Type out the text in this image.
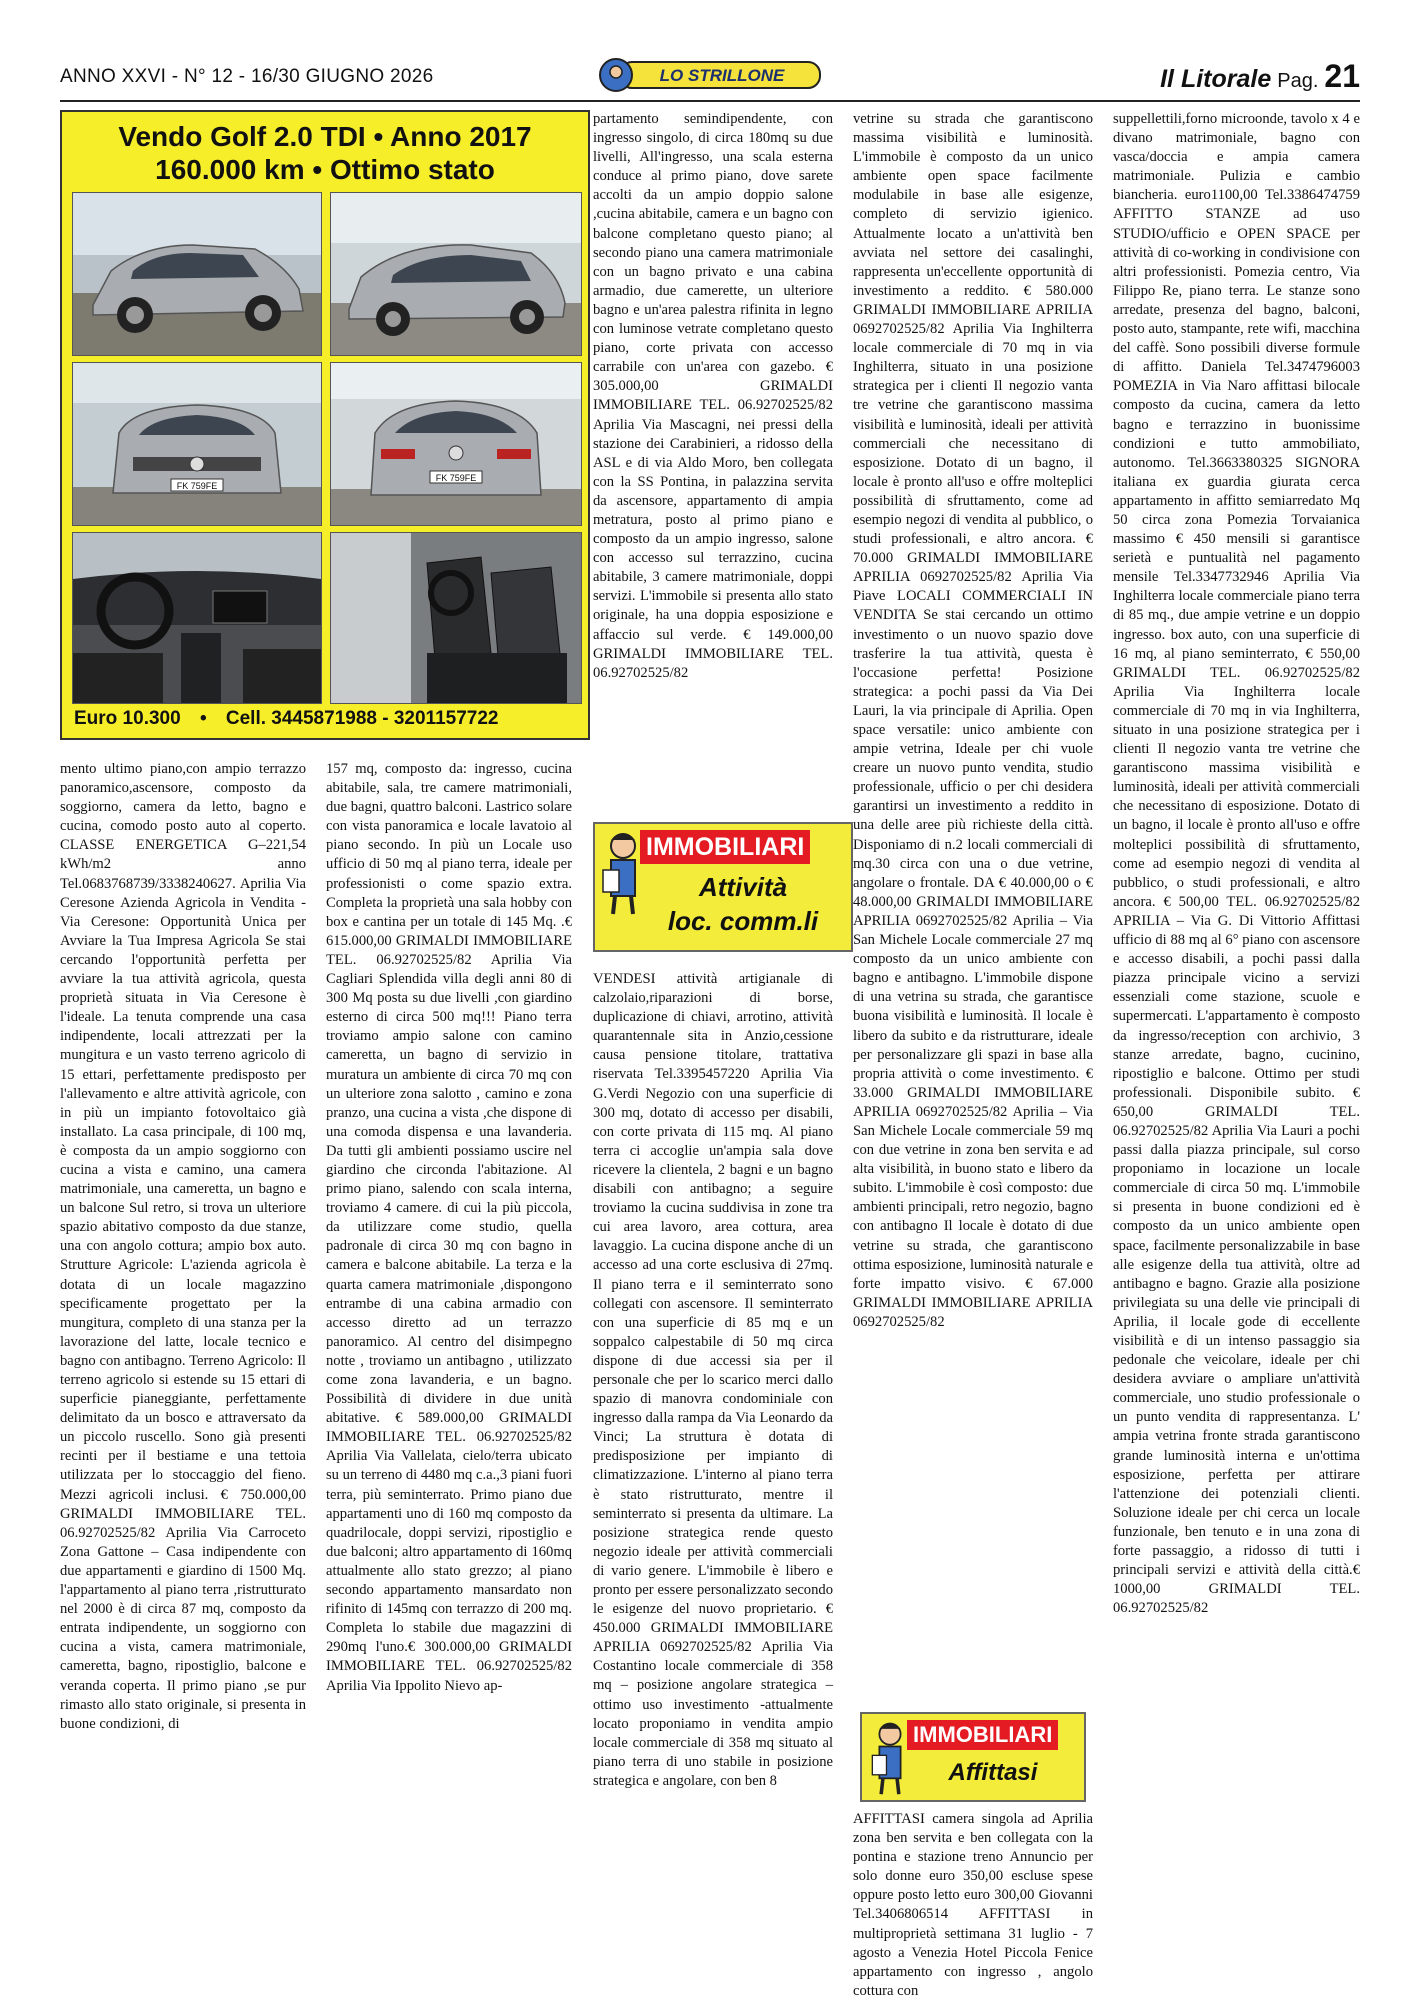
ANNO XXVI - N° 12 - 16/30 GIUGNO 2026	LO STRILLONE	Il Litorale Pag. 21
Vendo Golf 2.0 TDI • Anno 2017
160.000 km • Ottimo stato
FK 759FE
FK 759FE
Euro 10.300 • Cell. 3445871988 - 3201157722

mento ultimo piano,con ampio terrazzo panoramico,ascensore, composto da soggiorno, camera da letto, bagno e cucina, comodo posto auto al coperto. CLASSE ENERGETICA G–221,54 kWh/m2 anno Tel.0683768739/3338240627. Aprilia Via Ceresone Azienda Agricola in Vendita - Via Ceresone: Opportunità Unica per Avviare la Tua Impresa Agricola Se stai cercando l'opportunità perfetta per avviare la tua attività agricola, questa proprietà situata in Via Ceresone è l'ideale. La tenuta comprende una casa indipendente, locali attrezzati per la mungitura e un vasto terreno agricolo di 15 ettari, perfettamente predisposto per l'allevamento e altre attività agricole, con in più un impianto fotovoltaico già installato. La casa principale, di 100 mq, è composta da un ampio soggiorno con cucina a vista e camino, una camera matrimoniale, una cameretta, un bagno e un balcone Sul retro, si trova un ulteriore spazio abitativo composto da due stanze, una con angolo cottura; ampio box auto. Strutture Agricole: L'azienda agricola è dotata di un locale magazzino specificamente progettato per la mungitura, completo di una stanza per la lavorazione del latte, locale tecnico e bagno con antibagno. Terreno Agricolo: Il terreno agricolo si estende su 15 ettari di superficie pianeggiante, perfettamente delimitato da un bosco e attraversato da un piccolo ruscello. Sono già presenti recinti per il bestiame e una tettoia utilizzata per lo stoccaggio del fieno. Mezzi agricoli inclusi. € 750.000,00 GRIMALDI IMMOBILIARE TEL. 06.92702525/82 Aprilia Via Carroceto Zona Gattone – Casa indipendente con due appartamenti e giardino di 1500 Mq. l'appartamento al piano terra ,ristrutturato nel 2000 è di circa 87 mq, composto da entrata indipendente, un soggiorno con cucina a vista, camera matrimoniale, cameretta, bagno, ripostiglio, balcone e veranda coperta. Il primo piano ,se pur rimasto allo stato originale, si presenta in buone condizioni, di

157 mq, composto da: ingresso, cucina abitabile, sala, tre camere matrimoniali, due bagni, quattro balconi. Lastrico solare con vista panoramica e locale lavatoio al piano secondo. In più un Locale uso ufficio di 50 mq al piano terra, ideale per professionisti o come spazio extra. Completa la proprietà una sala hobby con box e cantina per un totale di 145 Mq. .€ 615.000,00 GRIMALDI IMMOBILIARE TEL. 06.92702525/82 Aprilia Via Cagliari Splendida villa degli anni 80 di 300 Mq posta su due livelli ,con giardino esterno di circa 500 mq!!! Piano terra troviamo ampio salone con camino cameretta, un bagno di servizio in muratura un ambiente di circa 70 mq con un ulteriore zona salotto , camino e zona pranzo, una cucina a vista ,che dispone di una comoda dispensa e una lavanderia. Da tutti gli ambienti possiamo uscire nel giardino che circonda l'abitazione. Al primo piano, salendo con scala interna, troviamo 4 camere. di cui la più piccola, da utilizzare come studio, quella padronale di circa 30 mq con bagno in camera e balcone abitabile. La terza e la quarta camera matrimoniale ,dispongono entrambe di una cabina armadio con accesso diretto ad un terrazzo panoramico. Al centro del disimpegno notte , troviamo un antibagno , utilizzato come zona lavanderia, e un bagno. Possibilità di dividere in due unità abitative. € 589.000,00 GRIMALDI IMMOBILIARE TEL. 06.92702525/82 Aprilia Via Vallelata, cielo/terra ubicato su un terreno di 4480 mq c.a.,3 piani fuori terra, più seminterrato. Primo piano due appartamenti uno di 160 mq composto da quadrilocale, doppi servizi, ripostiglio e due balconi; altro appartamento di 160mq attualmente allo stato grezzo; al piano secondo appartamento mansardato non rifinito di 145mq con terrazzo di 200 mq. Completa lo stabile due magazzini di 290mq l'uno.€ 300.000,00 GRIMALDI IMMOBILIARE TEL. 06.92702525/82 Aprilia Via Ippolito Nievo ap-

partamento semindipendente, con ingresso singolo, di circa 180mq su due livelli, All'ingresso, una scala esterna conduce al primo piano, dove sarete accolti da un ampio doppio salone ,cucina abitabile, camera e un bagno con balcone completano questo piano; al secondo piano una camera matrimoniale con un bagno privato e una cabina armadio, due camerette, un ulteriore bagno e un'area palestra rifinita in legno con luminose vetrate completano questo piano, corte privata con accesso carrabile con un'area con gazebo. € 305.000,00 GRIMALDI IMMOBILIARE TEL. 06.92702525/82 Aprilia Via Mascagni, nei pressi della stazione dei Carabinieri, a ridosso della ASL e di via Aldo Moro, ben collegata con la SS Pontina, in palazzina servita da ascensore, appartamento di ampia metratura, posto al primo piano e composto da un ampio ingresso, salone con accesso sul terrazzino, cucina abitabile, 3 camere matrimoniale, doppi servizi. L'immobile si presenta allo stato originale, ha una doppia esposizione e affaccio sul verde. € 149.000,00 GRIMALDI IMMOBILIARE TEL. 06.92702525/82

IMMOBILIARI
Attività
loc. comm.li

VENDESI attività artigianale di calzolaio,riparazioni di borse, duplicazione di chiavi, arrotino, attività quarantennale sita in Anzio,cessione causa pensione titolare, trattativa riservata Tel.3395457220 Aprilia Via G.Verdi Negozio con una superficie di 300 mq, dotato di accesso per disabili, con corte privata di 115 mq. Al piano terra ci accoglie un'ampia sala dove ricevere la clientela, 2 bagni e un bagno disabili con antibagno; a seguire troviamo la cucina suddivisa in zone tra cui area lavoro, area cottura, area lavaggio. La cucina dispone anche di un accesso ad una corte esclusiva di 27mq. Il piano terra e il seminterrato sono collegati con ascensore. Il seminterrato con una superficie di 85 mq e un soppalco calpestabile di 50 mq circa dispone di due accessi sia per il personale che per lo scarico merci dallo spazio di manovra condominiale con ingresso dalla rampa da Via Leonardo da Vinci; La struttura è dotata di predisposizione per impianto di climatizzazione. L'interno al piano terra è stato ristrutturato, mentre il seminterrato si presenta da ultimare. La posizione strategica rende questo negozio ideale per attività commerciali di vario genere. L'immobile è libero e pronto per essere personalizzato secondo le esigenze del nuovo proprietario. € 450.000 GRIMALDI IMMOBILIARE APRILIA 0692702525/82 Aprilia Via Costantino locale commerciale di 358 mq – posizione angolare strategica – ottimo uso investimento -attualmente locato proponiamo in vendita ampio locale commerciale di 358 mq situato al piano terra di uno stabile in posizione strategica e angolare, con ben 8

vetrine su strada che garantiscono massima visibilità e luminosità. L'immobile è composto da un unico ambiente open space facilmente modulabile in base alle esigenze, completo di servizio igienico. Attualmente locato a un'attività ben avviata nel settore dei casalinghi, rappresenta un'eccellente opportunità di investimento a reddito. € 580.000 GRIMALDI IMMOBILIARE APRILIA 0692702525/82 Aprilia Via Inghilterra locale commerciale di 70 mq in via Inghilterra, situato in una posizione strategica per i clienti Il negozio vanta tre vetrine che garantiscono massima visibilità e luminosità, ideali per attività commerciali che necessitano di esposizione. Dotato di un bagno, il locale è pronto all'uso e offre molteplici possibilità di sfruttamento, come ad esempio negozi di vendita al pubblico, o studi professionali, e altro ancora. € 70.000 GRIMALDI IMMOBILIARE APRILIA 0692702525/82 Aprilia Via Piave LOCALI COMMERCIALI IN VENDITA Se stai cercando un ottimo investimento o un nuovo spazio dove trasferire la tua attività, questa è l'occasione perfetta! Posizione strategica: a pochi passi da Via Dei Lauri, la via principale di Aprilia. Open space versatile: unico ambiente con ampie vetrina, Ideale per chi vuole creare un nuovo punto vendita, studio professionale, ufficio o per chi desidera garantirsi un investimento a reddito in una delle aree più richieste della città. Disponiamo di n.2 locali commerciali di mq.30 circa con una o due vetrine, angolare o frontale. DA € 40.000,00 o € 48.000,00 GRIMALDI IMMOBILIARE APRILIA 0692702525/82 Aprilia – Via San Michele Locale commerciale 27 mq composto da un unico ambiente con bagno e antibagno. L'immobile dispone di una vetrina su strada, che garantisce buona visibilità e luminosità. Il locale è libero da subito e da ristrutturare, ideale per personalizzare gli spazi in base alla propria attività o come investimento. € 33.000 GRIMALDI IMMOBILIARE APRILIA 0692702525/82 Aprilia – Via San Michele Locale commerciale 59 mq con due vetrine in zona ben servita e ad alta visibilità, in buono stato e libero da subito. L'immobile è così composto: due ambienti principali, retro negozio, bagno con antibagno Il locale è dotato di due vetrine su strada, che garantiscono ottima esposizione, luminosità naturale e forte impatto visivo. € 67.000 GRIMALDI IMMOBILIARE APRILIA 0692702525/82

IMMOBILIARI
Affittasi

AFFITTASI camera singola ad Aprilia zona ben servita e ben collegata con la pontina e stazione treno Annuncio per solo donne euro 350,00 escluse spese oppure posto letto euro 300,00 Giovanni Tel.3406806514 AFFITTASI in multiproprietà settimana 31 luglio - 7 agosto a Venezia Hotel Piccola Fenice appartamento con ingresso , angolo cottura con

suppellettili,forno microonde, tavolo x 4 e divano matrimoniale, bagno con vasca/doccia e ampia camera matrimoniale. Pulizia e cambio biancheria. euro1100,00 Tel.3386474759 AFFITTO STANZE ad uso STUDIO/ufficio e OPEN SPACE per attività di co-working in condivisione con altri professionisti. Pomezia centro, Via Filippo Re, piano terra. Le stanze sono arredate, presenza del bagno, balconi, posto auto, stampante, rete wifi, macchina del caffè. Sono possibili diverse formule di affitto. Daniela Tel.3474796003 POMEZIA in Via Naro affittasi bilocale composto da cucina, camera da letto bagno e terrazzino in buonissime condizioni e tutto ammobiliato, autonomo. Tel.3663380325 SIGNORA italiana ex guardia giurata cerca appartamento in affitto semiarredato Mq 50 circa zona Pomezia Torvaianica massimo € 450 mensili si garantisce serietà e puntualità nel pagamento mensile Tel.3347732946 Aprilia Via Inghilterra locale commerciale piano terra di 85 mq., due ampie vetrine e un doppio ingresso. box auto, con una superficie di 16 mq, al piano seminterrato, € 550,00 GRIMALDI TEL. 06.92702525/82 Aprilia Via Inghilterra locale commerciale di 70 mq in via Inghilterra, situato in una posizione strategica per i clienti Il negozio vanta tre vetrine che garantiscono massima visibilità e luminosità, ideali per attività commerciali che necessitano di esposizione. Dotato di un bagno, il locale è pronto all'uso e offre molteplici possibilità di sfruttamento, come ad esempio negozi di vendita al pubblico, o studi professionali, e altro ancora. € 500,00 TEL. 06.92702525/82 APRILIA – Via G. Di Vittorio Affittasi ufficio di 88 mq al 6° piano con ascensore e accesso disabili, a pochi passi dalla piazza principale vicino a servizi essenziali come stazione, scuole e supermercati. L'appartamento è composto da ingresso/reception con archivio, 3 stanze arredate, bagno, cucinino, ripostiglio e balcone. Ottimo per studi professionali. Disponibile subito. € 650,00 GRIMALDI TEL. 06.92702525/82 Aprilia Via Lauri a pochi passi dalla piazza principale, sul corso proponiamo in locazione un locale commerciale di circa 50 mq. L'immobile si presenta in buone condizioni ed è composto da un unico ambiente open space, facilmente personalizzabile in base alle esigenze della tua attività, oltre ad antibagno e bagno. Grazie alla posizione privilegiata su una delle vie principali di Aprilia, il locale gode di eccellente visibilità e di un intenso passaggio sia pedonale che veicolare, ideale per chi desidera avviare o ampliare un'attività commerciale, uno studio professionale o un punto vendita di rappresentanza. L' ampia vetrina fronte strada garantiscono grande luminosità interna e un'ottima esposizione, perfetta per attirare l'attenzione dei potenziali clienti. Soluzione ideale per chi cerca un locale funzionale, ben tenuto e in una zona di forte passaggio, a ridosso di tutti i principali servizi e attività della città.€ 1000,00 GRIMALDI TEL. 06.92702525/82
